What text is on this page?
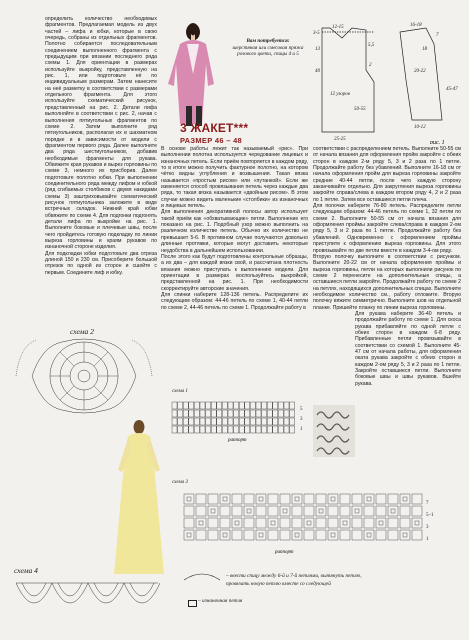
определить количество необходимых фрагментов. Предлагаемая модель из двух частей – лифа и юбки, которые в свою очередь, собраны из отдельных фрагментов. Полотно собирается последовательным соединением выполненного фрагмента с предыдущим при вязании последнего ряда схемы 1. Для ориентации в размерах используйте выкройку, представленную на рис. 1, или подготовьте её по индивидуальным размерам. Затем нанесите на неё разметку в соответствии с размерами отдельного фрагмента. Для этого используйте схематический рисунок, представленный на рис. 2. Детали лифа выполняйте в соответствии с рис. 2, начав с выполнения пятиугольных фрагментов по схеме 2. Затем выполните ряд пятиугольников, располагая их в шахматном порядке и в зависимости от модели с фрагментом первого ряда. Далее выполните два ряда шестиугольников, добавив необходимые фрагменты для рукава. Обвяжите края рукавов и вырез горловины по схеме 3, немного их присборив. Далее подготовьте полотно юбки. При выполнении соединительного ряда между лифом и юбкой (ряд сгибаемых столбиков с двумя накидами схемы 3) заштриховывайте схематический рисунок пятиугольника заложите в виде встречных складок. Нижний край юбки обвяжите по схеме 4. Для подгонки подгонять детали лифа по выкройке на рис. 1. Выполните боковые и плечевые швы, после чего пройдитесь готовую подкладку по линии выреза горловины и краям рукавов по изнаночной стороне изделия.

Для подкладки юбки подготовьте два отреза длиной 150 и 230 см. Присоберите большой отрезок по одной из сторон и сшейте с первым. Соедините лиф и юбку.

Вам потребуется:
шерстяная или смесовая пряжа розового цвета, спицы 4 и 5
3 ЖАКЕТ***
РАЗМЕР 46 – 48
3-5
12-15
40
13
5,5
2
50-55
12 узоров
25-25
16-18
7
18
20-22
10-12
45-47
рис. 1

В основе работы лежит так называемый «рис». При выполнении полотна используется чередование лицевых и изнаночных петель. Если приём повторяется в каждом ряду, то в итоге можно получить фактурное полотно, на котором чётко видны углубления и возвышения. Такая вязка называется «простым рисом» или «путанкой». Если же изменяется способ провязывания петель через каждые два ряда, то такая вязка называется «двойным рисом». В этом случае можно видеть маленькие «столбики» из изнаночных и лицевых петель.

Для выполнения декоративной полосы автор использует такой приём как «обхватывающие» петли. Выполнение его показано на рис. 1. Подобный узор можно выполнить на различном количестве петель. Обычно их количество не превышает 5-6. В противном случае получаются довольно длинные протяжки, которые могут доставить некоторые неудобства в дальнейшем использовании.

После этого как будут подготовлены контрольные образцы, а их два – для каждой вязки свой, и рассчитана плотность вязания можно приступать к выполнению модели. Для ориентации в размерах воспользуйтесь выкройкой, представленной на рис. 1. При необходимости скорректируйте авторские значения.

Для спинки наберите 128-136 петель. Распределите их следующим образом: 44-46 петель по схеме 1, 40-44 петли по схеме 2, 44-46 петель по схеме 1. Продолжайте работу в

соответствии с распределением петель. Выполните 50-55 см от начала вязания для оформления пройм закройте с обеих сторон в каждом 2-м ряду 5, 3 и 2 раза по 1 петле. Продолжайте работу без убавлений. Выполните 16-18 см от начала оформления пройм для выреза горловины закройте средние 40-44 петли, после чего каждую сторону заканчивайте отдельно. Для закругления выреза горловины закройте справа/слева в каждом втором ряду 4, 2 и 2 раза по 1 петле. Затем все оставшиеся петли плеча.

Для полочки наберите 76-80 петель. Распределите петли следующим образом: 44-46 петель по схеме 1, 32 петли по схеме 2. Выполните 50-55 см от начала вязания для оформления проймы закройте слева/справа в каждом 2-ом ряду 5, 3 и 2 раза по 1 петле. Продолжайте работу без убавлений. Одновременно с оформлением проймы приступите к оформлению выреза горловины. Для этого провязывайте по две петли вместе в каждом 3-4-ом ряду.

Вторую полочку выполните в соответствии с рисунком. Выполните 20-22 см от начала оформления проймы и выреза горловины, петли на которых выполнили рисунок по схеме 2 перенесите на дополнительные спицы, а оставшиеся петли закройте. Продолжайте работу по схеме 2 на петлях, находящихся дополнительных спицах. Выполните необходимое количество см., работу отложите. Вторую полочку вяжите симметрично. Выполните шов на отдельной планке. Пришейте планку по линии выреза горловины.

Для рукава наберите 36-40 петель и продолжайте работу по схеме 1. Для скоса рукава прибавляйте по одной петле с обеих сторон в каждом 6-8 ряду. Прибавленные петли провязывайте в соответствии со схемой 1. Выполните 45-47 см от начала работы, для оформления оката рукава закройте с обеих сторон в каждом 2-ом ряду 5, 3 и 2 раза по 1 петле. Закройте оставшиеся петли. Выполните боковые швы и швы рукавов. Вшейте рукава.

схема 2
схема 1
5
3
1
раппорт
схема 3
7
5–1
3
1
раппорт
схема 4
– ввести спицу между 6-й и 7-й петлями, вытянуть петлю,
провязать новую петлю вместе со следующей
– изнаночная петля
